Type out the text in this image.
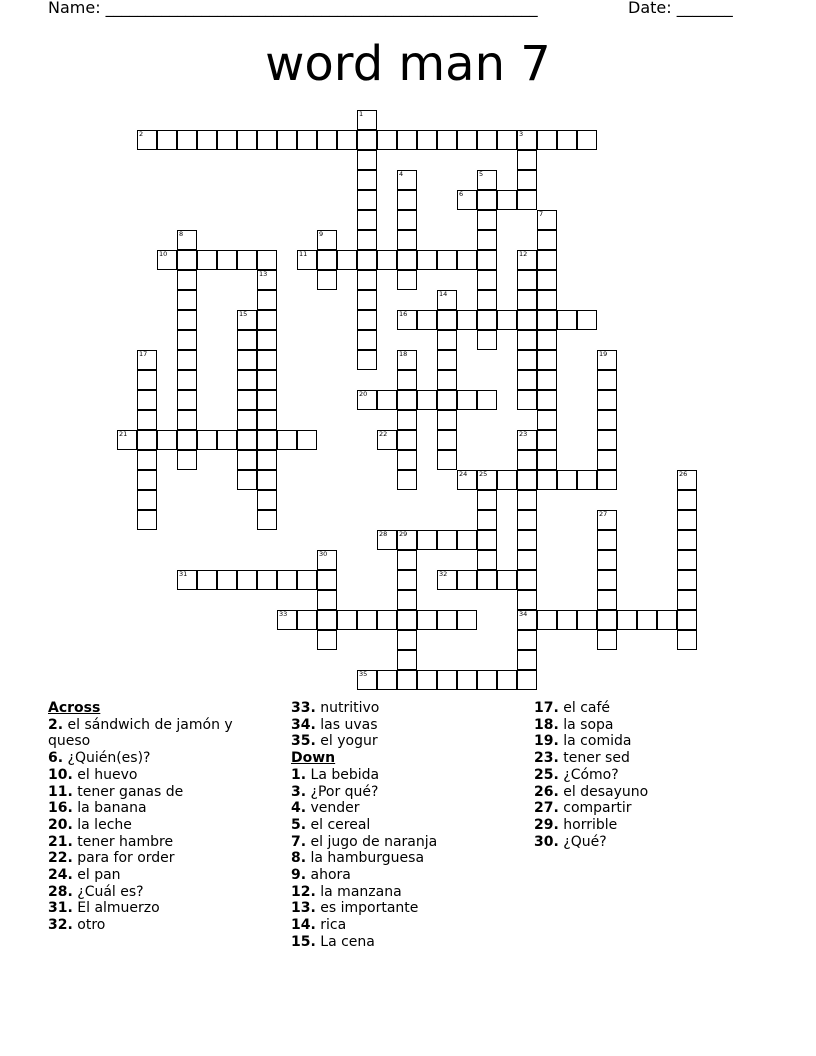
Name: ______________________________________________________	Date: _______
word man 7
1
2	3
4	5
6
7
8	9
10	11	12
13
14
15	16
17	18	19
20
21	22	23
34
24 25	26
27
28 29
30
31	32
33
35
Across
2. el sándwich de jamón y queso
6. ¿Quién(es)?
10. el huevo
11. tener ganas de
16. la banana
20. la leche
21. tener hambre
22. para for order
24. el pan
28. ¿Cuál es?
31. El almuerzo
32. otro
33. nutritivo
34. las uvas
35. el yogur
Down
1. La bebida
3. ¿Por qué?
4. vender
5. el cereal
7. el jugo de naranja
8. la hamburguesa
9. ahora
12. la manzana
13. es importante
14. rica
15. La cena
17. el café
18. la sopa
19. la comida
23. tener sed
25. ¿Cómo?
26. el desayuno
27. compartir
29. horrible
30. ¿Qué?
